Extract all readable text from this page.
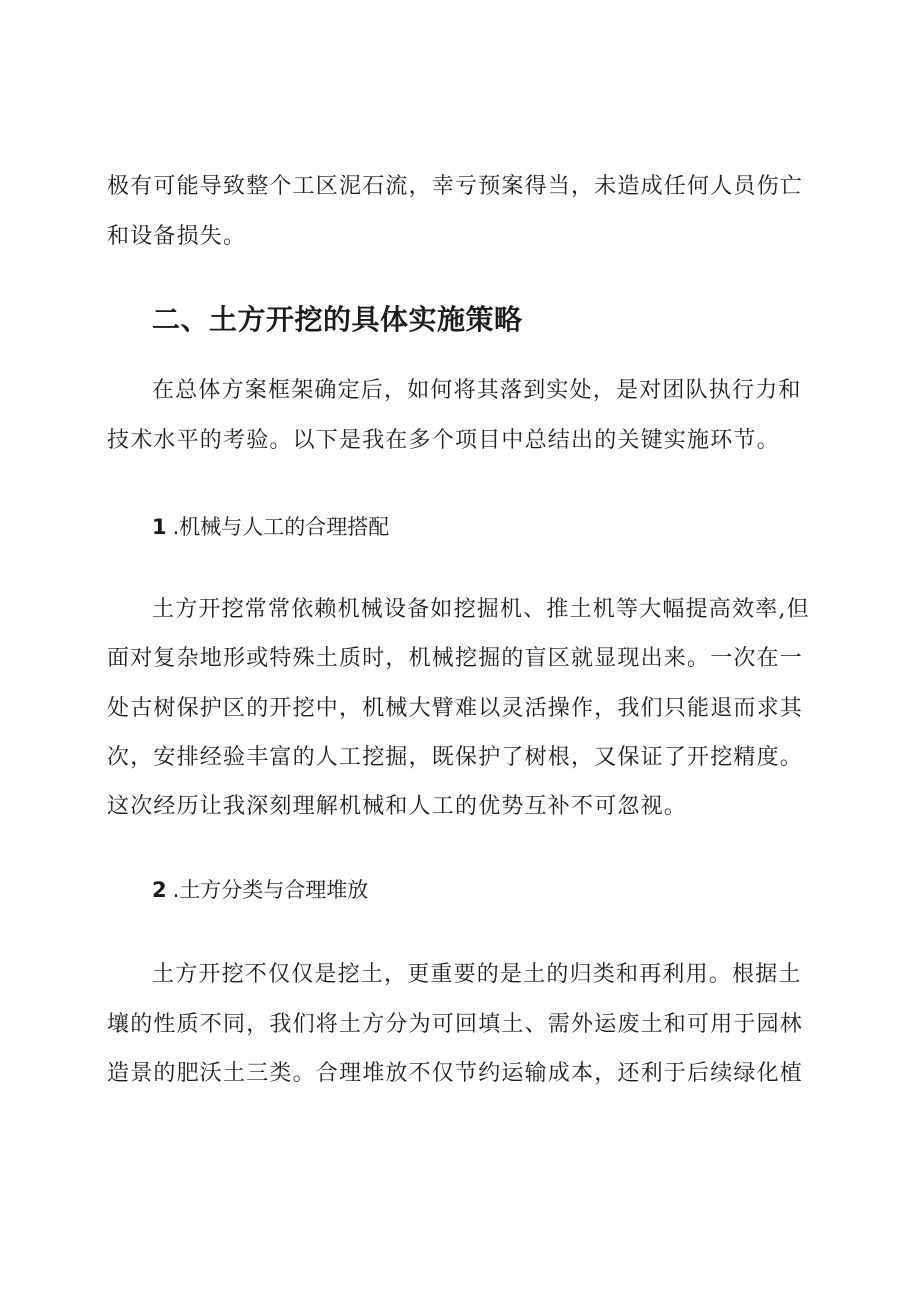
极有可能导致整个工区泥石流，幸亏预案得当，未造成任何人员伤亡
和设备损失。
二、土方开挖的具体实施策略
在总体方案框架确定后，如何将其落到实处，是对团队执行力和
技术水平的考验。以下是我在多个项目中总结出的关键实施环节。
1 .机械与人工的合理搭配
土方开挖常常依赖机械设备如挖掘机、推土机等大幅提高效率,但
面对复杂地形或特殊土质时，机械挖掘的盲区就显现出来。一次在一
处古树保护区的开挖中，机械大臂难以灵活操作，我们只能退而求其
次，安排经验丰富的人工挖掘，既保护了树根，又保证了开挖精度。
这次经历让我深刻理解机械和人工的优势互补不可忽视。
2 .土方分类与合理堆放
土方开挖不仅仅是挖土，更重要的是土的归类和再利用。根据土
壤的性质不同，我们将土方分为可回填土、需外运废土和可用于园林
造景的肥沃土三类。合理堆放不仅节约运输成本，还利于后续绿化植
